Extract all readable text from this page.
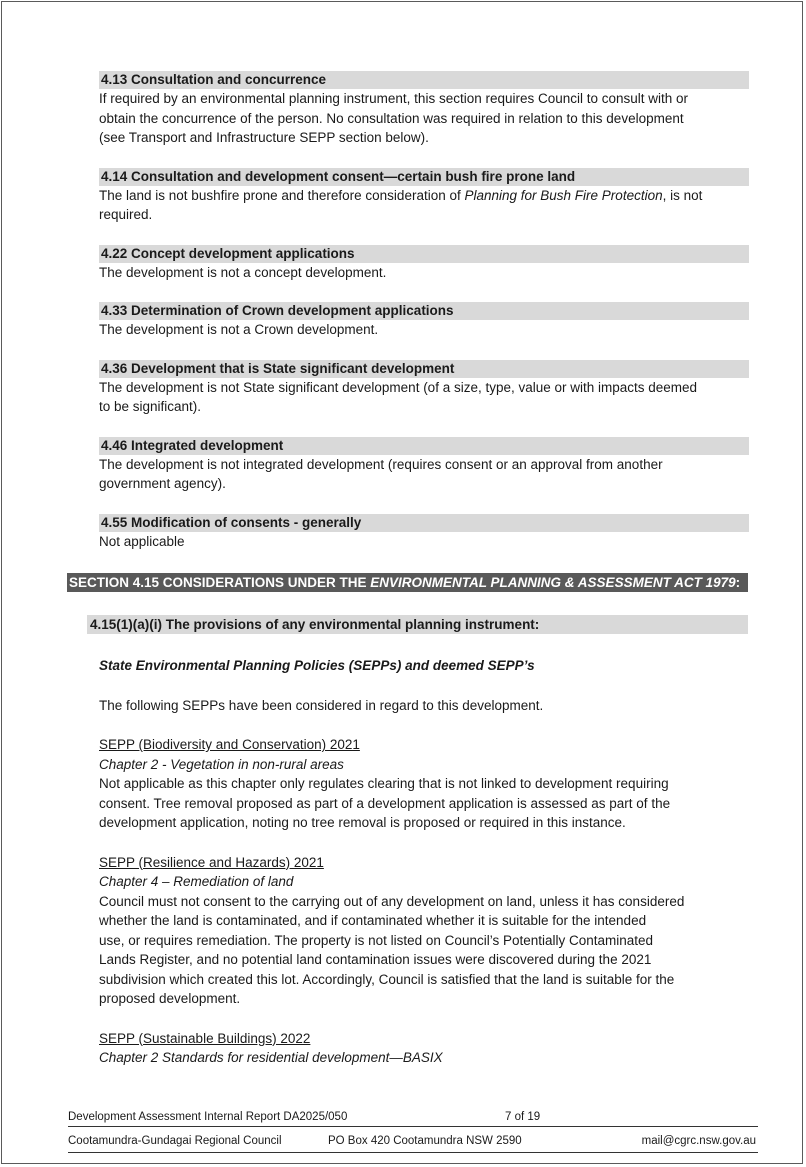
4.13 Consultation and concurrence

If required by an environmental planning instrument, this section requires Council to consult with or

obtain the concurrence of the person. No consultation was required in relation to this development

(see Transport and Infrastructure SEPP section below).

4.14 Consultation and development consent—certain bush fire prone land

The land is not bushfire prone and therefore consideration of Planning for Bush Fire Protection, is not

required.

4.22 Concept development applications

The development is not a concept development.

4.33 Determination of Crown development applications

The development is not a Crown development.

4.36 Development that is State significant development

The development is not State significant development (of a size, type, value or with impacts deemed

to be significant).

4.46 Integrated development

The development is not integrated development (requires consent or an approval from another

government agency).

4.55 Modification of consents - generally

Not applicable

SECTION 4.15 CONSIDERATIONS UNDER THE ENVIRONMENTAL PLANNING & ASSESSMENT ACT 1979:
4.15(1)(a)(i) The provisions of any environmental planning instrument:

State Environmental Planning Policies (SEPPs) and deemed SEPP’s

The following SEPPs have been considered in regard to this development.

SEPP (Biodiversity and Conservation) 2021

Chapter 2 - Vegetation in non-rural areas

Not applicable as this chapter only regulates clearing that is not linked to development requiring

consent. Tree removal proposed as part of a development application is assessed as part of the

development application, noting no tree removal is proposed or required in this instance.

SEPP (Resilience and Hazards) 2021

Chapter 4 – Remediation of land

Council must not consent to the carrying out of any development on land, unless it has considered

whether the land is contaminated, and if contaminated whether it is suitable for the intended

use, or requires remediation. The property is not listed on Council’s Potentially Contaminated

Lands Register, and no potential land contamination issues were discovered during the 2021

subdivision which created this lot. Accordingly, Council is satisfied that the land is suitable for the

proposed development.

SEPP (Sustainable Buildings) 2022

Chapter 2 Standards for residential development—BASIX

Development Assessment Internal Report DA2025/050	7 of 19
Cootamundra-Gundagai Regional Council	PO Box 420 Cootamundra NSW 2590	mail@cgrc.nsw.gov.au
